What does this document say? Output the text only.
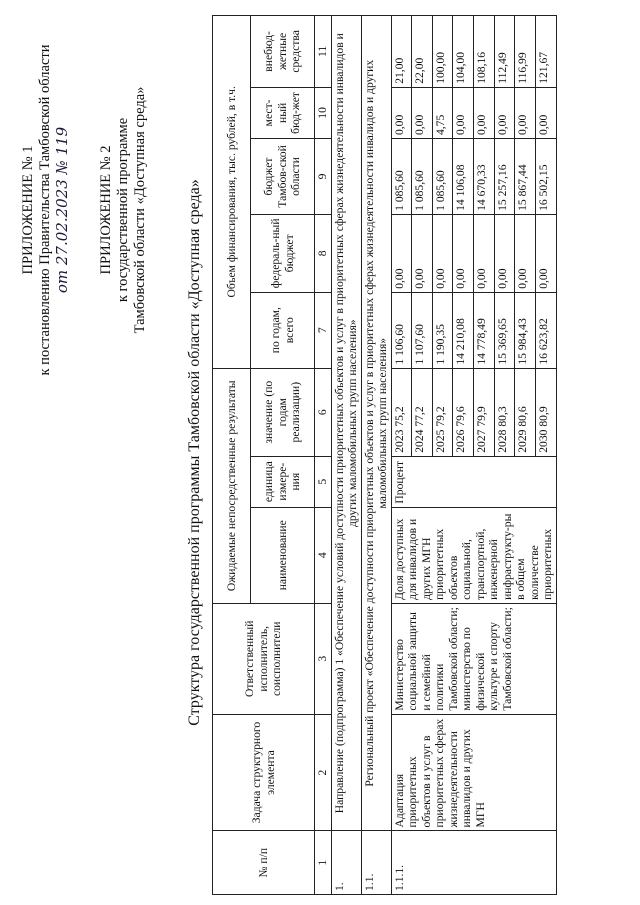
ПРИЛОЖЕНИЕ № 1 к постановлению Правительства Тамбовской области от 27.02.2023 № 119 ПРИЛОЖЕНИЕ № 2 к государственной программе Тамбовской области «Доступная среда» Структура государственной программы Тамбовской области «Доступная среда»
№ п/п	Задача структурного элемента	Ответственный исполнитель, соисполнители	Ожидаемые непосредственные результаты			Объем финансирования, тыс. рублей, в т.ч.				
			наименование	единица измере-ния	значение (по годам реализации)	по годам, всего	федераль-ный бюджет	бюджет Тамбов-ской области	мест-ный бюд-жет	внебюд-жетные средства
1	2	3	4	5	6	7	8	9	10	11
1.	Направление (подпрограмма) 1 «Обеспечение условий доступности приоритетных объектов и услуг в приоритетных сферах жизнедеятельности инвалидов и других маломобильных групп населения»									
1.1.	Региональный проект «Обеспечение доступности приоритетных объектов и услуг в приоритетных сферах жизнедеятельности инвалидов и других маломобильных групп населения»									
1.1.1.	Адаптация приоритетных объектов и услуг в приоритетных сферах жизнедеятельности инвалидов и других МГН	Министерство социальной защиты и семейной политики Тамбовской области; министерство по физической культуре и спорту Тамбовской области;	Доля доступных для инвалидов и других МГН приоритетных объектов социальной, транспортной, инженерной инфраструкту-ры в общем количестве приоритетных	Процент	2023 75,2	1 106,60	0,00	1 085,60	0,00	21,00
					2024 77,2	1 107,60	0,00	1 085,60	0,00	22,00
					2025 79,2	1 190,35	0,00	1 085,60	4,75	100,00
					2026 79,6	14 210,08	0,00	14 106,08	0,00	104,00
					2027 79,9	14 778,49	0,00	14 670,33	0,00	108,16
					2028 80,3	15 369,65	0,00	15 257,16	0,00	112,49
					2029 80,6	15 984,43	0,00	15 867,44	0,00	116,99
					2030 80,9	16 623,82	0,00	16 502,15	0,00	121,67
